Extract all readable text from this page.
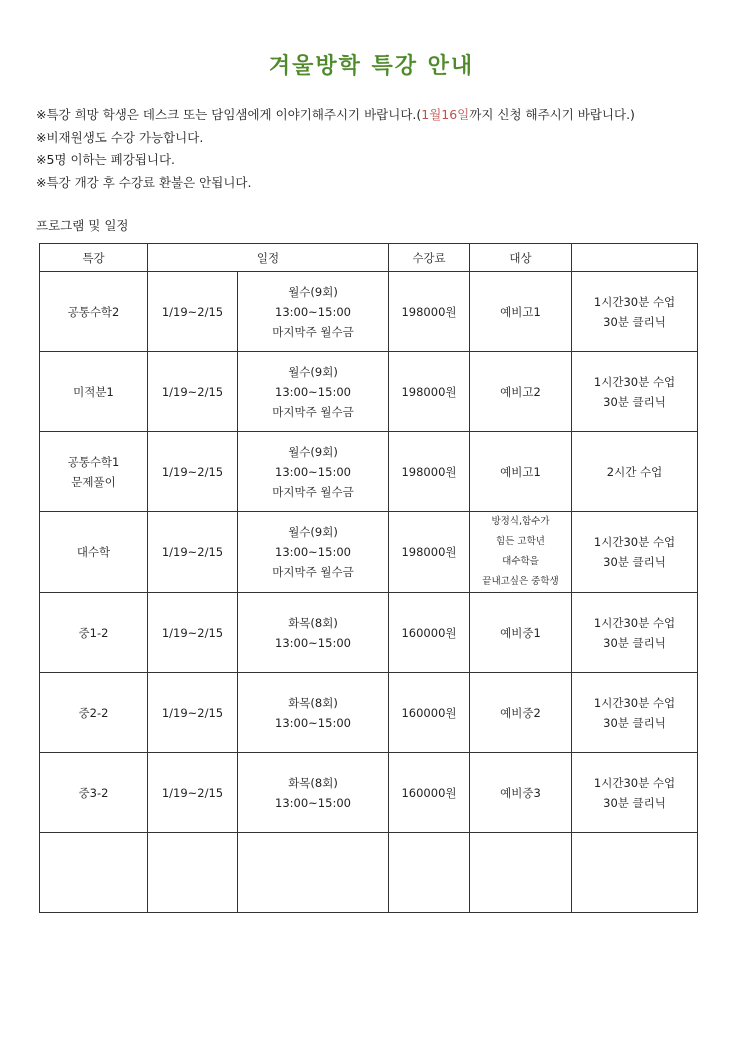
겨울방학 특강 안내
※특강 희망 학생은 데스크 또는 담임샘에게 이야기해주시기 바랍니다.(1월16일까지 신청 해주시기 바랍니다.)
※비재원생도 수강 가능합니다.
※5명 이하는 폐강됩니다.
※특강 개강 후 수강료 환불은 안됩니다.
프로그램 및 일정
특강	일정		수강료	대상	

공통수학2	1/19~2/15	월수(9회)
13:00~15:00
마지막주 월수금	198000원	예비고1	1시간30분 수업
30분 클리닉

미적분1	1/19~2/15	월수(9회)
13:00~15:00
마지막주 월수금	198000원	예비고2	1시간30분 수업
30분 클리닉

공통수학1
문제풀이	1/19~2/15	월수(9회)
13:00~15:00
마지막주 월수금	198000원	예비고1	2시간 수업

대수학	1/19~2/15	월수(9회)
13:00~15:00
마지막주 월수금	198000원	방정식,함수가
힘든 고학년
대수학을
끝내고싶은 중학생	1시간30분 수업
30분 클리닉

중1-2	1/19~2/15	화목(8회)
13:00~15:00	160000원	예비중1	1시간30분 수업
30분 클리닉

중2-2	1/19~2/15	화목(8회)
13:00~15:00	160000원	예비중2	1시간30분 수업
30분 클리닉

중3-2	1/19~2/15	화목(8회)
13:00~15:00	160000원	예비중3	1시간30분 수업
30분 클리닉
